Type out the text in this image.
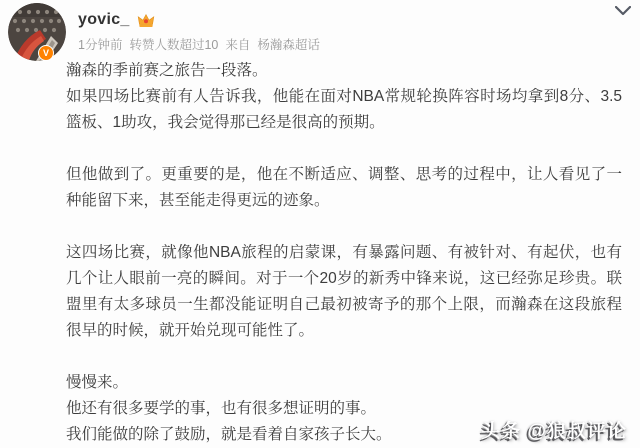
V
yovic_
1分钟前 转赞人数超过10 来自 杨瀚森超话

瀚森的季前赛之旅告一段落。
如果四场比赛前有人告诉我，他能在面对NBA常规轮换阵容时场均拿到8分、3.5篮板、1助攻，我会觉得那已经是很高的预期。

但他做到了。更重要的是，他在不断适应、调整、思考的过程中，让人看见了一种能留下来，甚至能走得更远的迹象。

这四场比赛，就像他NBA旅程的启蒙课，有暴露问题、有被针对、有起伏，也有几个让人眼前一亮的瞬间。对于一个20岁的新秀中锋来说，这已经弥足珍贵。联盟里有太多球员一生都没能证明自己最初被寄予的那个上限，而瀚森在这段旅程很早的时候，就开始兑现可能性了。

慢慢来。
他还有很多要学的事，也有很多想证明的事。
我们能做的除了鼓励，就是看着自家孩子长大。	头条 @狼叔评论
